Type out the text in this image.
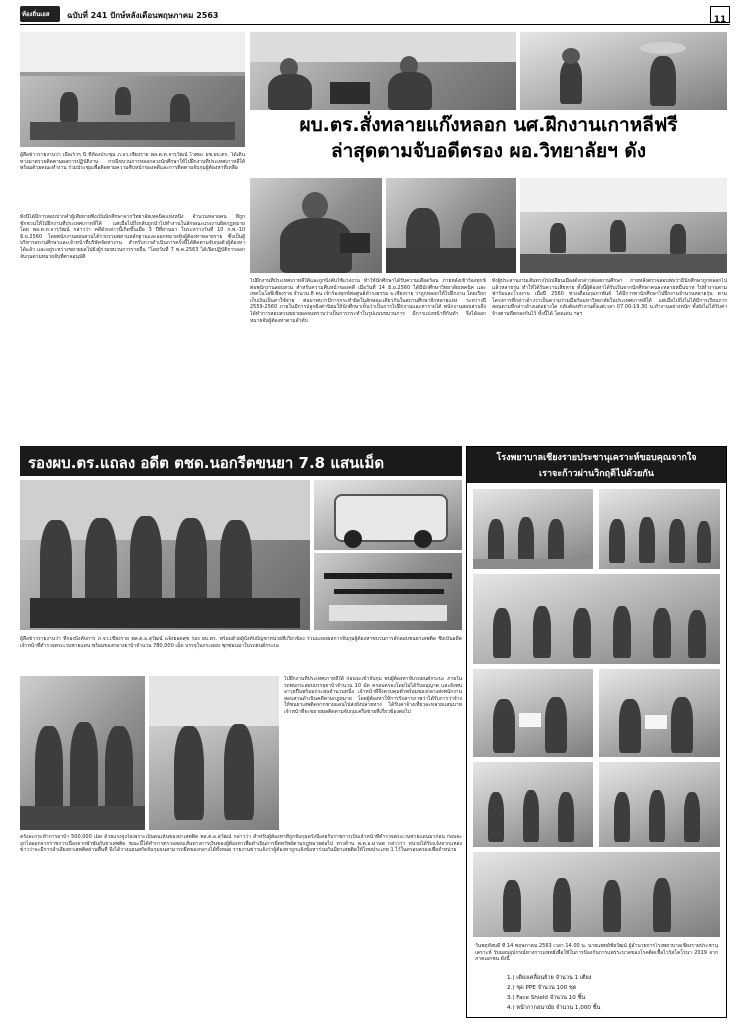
ท้องถิ่นเอส ฉบับที่ 241 ปักษ์หลังเดือนพฤษภาคม 2563	11
ผบ.ตร.สั่งทลายแก๊งหลอก นศ.ฝึกงานเกาหลีฟรี
ล่าสุดตามจับอดีตรอง ผอ.วิทยาลัยฯ ดัง
ผู้สื่อข่าวรายงานว่า เมื่อเร็วๆ นี้ ที่ห้องประชุม ภ.จว.เชียงราย พล.ต.ท.จารุวัฒน์ ไวศยะ ผช.ผบ.ตร. ได้เดินทางมาตรวจติดตามผลการปฏิบัติงาน กรณีขบวนการหลอกลวงนักศึกษาให้ไปฝึกงานที่ประเทศเกาหลีใต้ พร้อมด้วยคณะทำงาน ร่วมประชุมเพื่อติดตามความคืบหน้าของคดีและการติดตามจับกุมผู้ต้องหาที่เหลือ
ทั้งนี้ได้มีการสอบปากคำผู้เสียหายซึ่งเป็นนักศึกษาจากวิทยาลัยเทคนิคแห่งหนึ่ง จำนวนหลายคน ที่ถูกชักชวนให้ไปฝึกงานที่ประเทศเกาหลีใต้ แต่เมื่อไปถึงกลับถูกนำไปทำงานในลักษณะแรงงานผิดกฎหมาย โดย พล.ต.ท.จารุวัฒน์ กล่าวว่า คดีดังกล่าวนี้เกิดขึ้นเมื่อ 3 ปีที่ผ่านมา ในระหว่างวันที่ 10 ก.พ.-10 มิ.ย.2560 โดยพนักงานสอบสวนได้รวบรวมพยานหลักฐานและออกหมายจับผู้ต้องหาหลายราย ซึ่งเป็นผู้บริหารสถานศึกษาและเจ้าหน้าที่บริษัทจัดหางาน สำหรับการดำเนินการครั้งนี้ได้ติดตามจับกุมตัวผู้ต้องหาได้แล้ว และอยู่ระหว่างขยายผลไปยังผู้ร่วมขบวนการรายอื่น "โดยวันที่ 7 พ.ค.2563 ได้เปิดปฏิบัติการออกจับกุมตามหมายจับที่ศาลอนุมัติ
ไปฝึกงานที่ประเทศเกาหลีใต้และถูกบังคับใช้แรงงาน ทำให้นักศึกษาได้รับความเดือดร้อน ภายหลังเข้าร้องทุกข์ต่อพนักงานสอบสวน สำหรับความคืบหน้าของคดี เมื่อวันที่ 14 มิ.ย.2560 ได้มีนักศึกษาวิทยาลัยเทคนิค และเทคโนโลยีเชียงราย จำนวน 8 คน เข้าร้องทุกข์ต่อศูนย์ดำรงธรรม จ.เชียงราย ว่าถูกหลอกให้ไปฝึกงาน โดยเรียกเก็บเงินเป็นค่าใช้จ่าย ต่อมาพบว่ามีการกระทำผิดในลักษณะเดียวกันในสถานศึกษาอีกหลายแห่ง ระหว่างปี 2559-2560 ภายในมีการปลูกฝังค่านิยมให้นักศึกษาเห็นว่าเป็นการไปฝึกงานและหารายได้ พนักงานสอบสวนจึงได้ทำการสอบสวนขยายผลจนทราบว่าเป็นการกระทำในรูปแบบขบวนการ มีการแบ่งหน้าที่กันทำ จึงได้ออกหมายจับผู้ต้องหาตามลำดับ
ทั้งผู้ประสานงานเส้นทางไปเปลี่ยนเมืองดังกล่าวต่อสถานศึกษา ภายหลังตรวจสอบพบว่ามีนักศึกษาถูกหลอกไปแล้วหลายรุ่น ทำให้ได้รับความเสียหาย ทั้งนี้ผู้ต้องหาได้รับเงินจากนักศึกษาคนละหลายหมื่นบาท ไปทำงานตามฟาร์มและโรงงาน เมื่อปี 2560 ช่วงเดือนกุมภาพันธ์ ได้มีการพานักศึกษาไปฝึกงานจำนวนหลายรุ่น ตามโครงการที่กล่าวอ้างว่าเป็นความร่วมมือกับมหาวิทยาลัยในประเทศเกาหลีใต้ แต่เมื่อไปถึงไม่ได้มีการเรียนการสอนตามที่กล่าวอ้างแต่อย่างใด กลับต้องทำงานตั้งแต่เวลา 07.00-19.30 น.ทำงานอย่างหนัก ทั้งยังไม่ได้รับค่าจ้างตามที่ตกลงกันไว้ ทั้งนี้ได้ โดดเด่น ฯลฯ
รองผบ.ตร.แถลง อดีต ตชด.นอกรีตขนยา 7.8 แสนเม็ด
ผู้สื่อข่าวรายงานว่า ที่กองบังคับการ ภ.จว.เชียงราย พล.ต.อ.สุวัฒน์ แจ้งยอดสุข รอง ผบ.ตร. พร้อมด้วยผู้บังคับบัญชาหน่วยที่เกี่ยวข้อง ร่วมแถลงผลการจับกุมผู้ต้องหาขบวนการลักลอบขนยาเสพติด ซึ่งเป็นอดีตเจ้าหน้าที่ตำรวจตระเวนชายแดน พร้อมของกลางยาบ้าจำนวน 780,000 เม็ด บรรจุในกระสอบ ซุกซ่อนมาในรถยนต์กระบะ
ไปฝึกงานที่ประเทศเกาหลีใต้ ก่อนจะเข้าจับกุม พบผู้ต้องหาขับรถยนต์กระบะ ภายในรถพบกระสอบบรรจุยาบ้าจำนวน 10 มัด ครอบครองโดยไม่ได้รับอนุญาต และยังพบอาวุธปืนพร้อมกระสุนจำนวนหนึ่ง เจ้าหน้าที่จึงควบคุมตัวพร้อมของกลางส่งพนักงานสอบสวนดำเนินคดีตามกฎหมาย โดยผู้ต้องหาให้การรับสารภาพว่าได้รับการว่าจ้างให้ขนยาเสพติดจากชายแดนไปส่งยังปลายทาง ได้รับค่าจ้างเที่ยวละหลายแสนบาท เจ้าหน้าที่จะขยายผลติดตามจับกุมเครือข่ายที่เกี่ยวข้องต่อไป
ครั้งละกระทำการยาบ้า 500,000 เม็ด ด้วยแรงจูงใจเพราะเป็นคนเห็นของยาเสพติด พล.ต.อ.สุวัฒน์ กล่าวว่า สำหรับผู้ต้องหาที่ถูกจับกุมครั้งนี้เคยรับราชการเป็นเจ้าหน้าที่ตำรวจตระเวนชายแดนมาก่อน ก่อนจะถูกไล่ออกจากราชการเนื่องจากพัวพันกับยาเสพติด ขณะนี้ได้ทำการตรวจสอบเส้นทางการเงินของผู้ต้องหาเพื่อดำเนินการยึดทรัพย์ตามกฎหมายต่อไป ทางด้าน พ.ต.อ.มานพ กล่าวว่า หน่วยได้รับแจ้งจากแหล่งข่าวว่าจะมีการลำเลียงยาเสพติดผ่านพื้นที่ จึงได้วางแผนสกัดจับกุมจนสามารถยึดของกลางได้ทั้งหมด รายงานข่าวแจ้งว่าผู้ต้องหาถูกแจ้งข้อหาร่วมกันมียาเสพติดให้โทษประเภท 1 ไว้ในครอบครองเพื่อจำหน่าย
โรงพยาบาลเชียงรายประชานุเคราะห์ขอบคุณจากใจ
เราจะก้าวผ่านวิกฤติไปด้วยกัน
วันพฤหัสบดี ที่ 14 พฤษภาคม 2563 เวลา 14.00 น. นายแพทย์ชัยวัฒน์ ผู้อำนวยการโรงพยาบาลเชียงรายประชานุเคราะห์ รับมอบอุปกรณ์ทางการแพทย์เพื่อใช้ในการป้องกันการแพร่ระบาดของโรคติดเชื้อไวรัสโคโรนา 2019 จากภาคเอกชน ดังนี้
1.) เตียงเคลื่อนย้าย จำนวน 1 เตียง
2.) ชุด PPE จำนวน 100 ชุด
3.) Face Shield จำนวน 10 ชิ้น
4.) หน้ากากอนามัย จำนวน 1,000 ชิ้น
